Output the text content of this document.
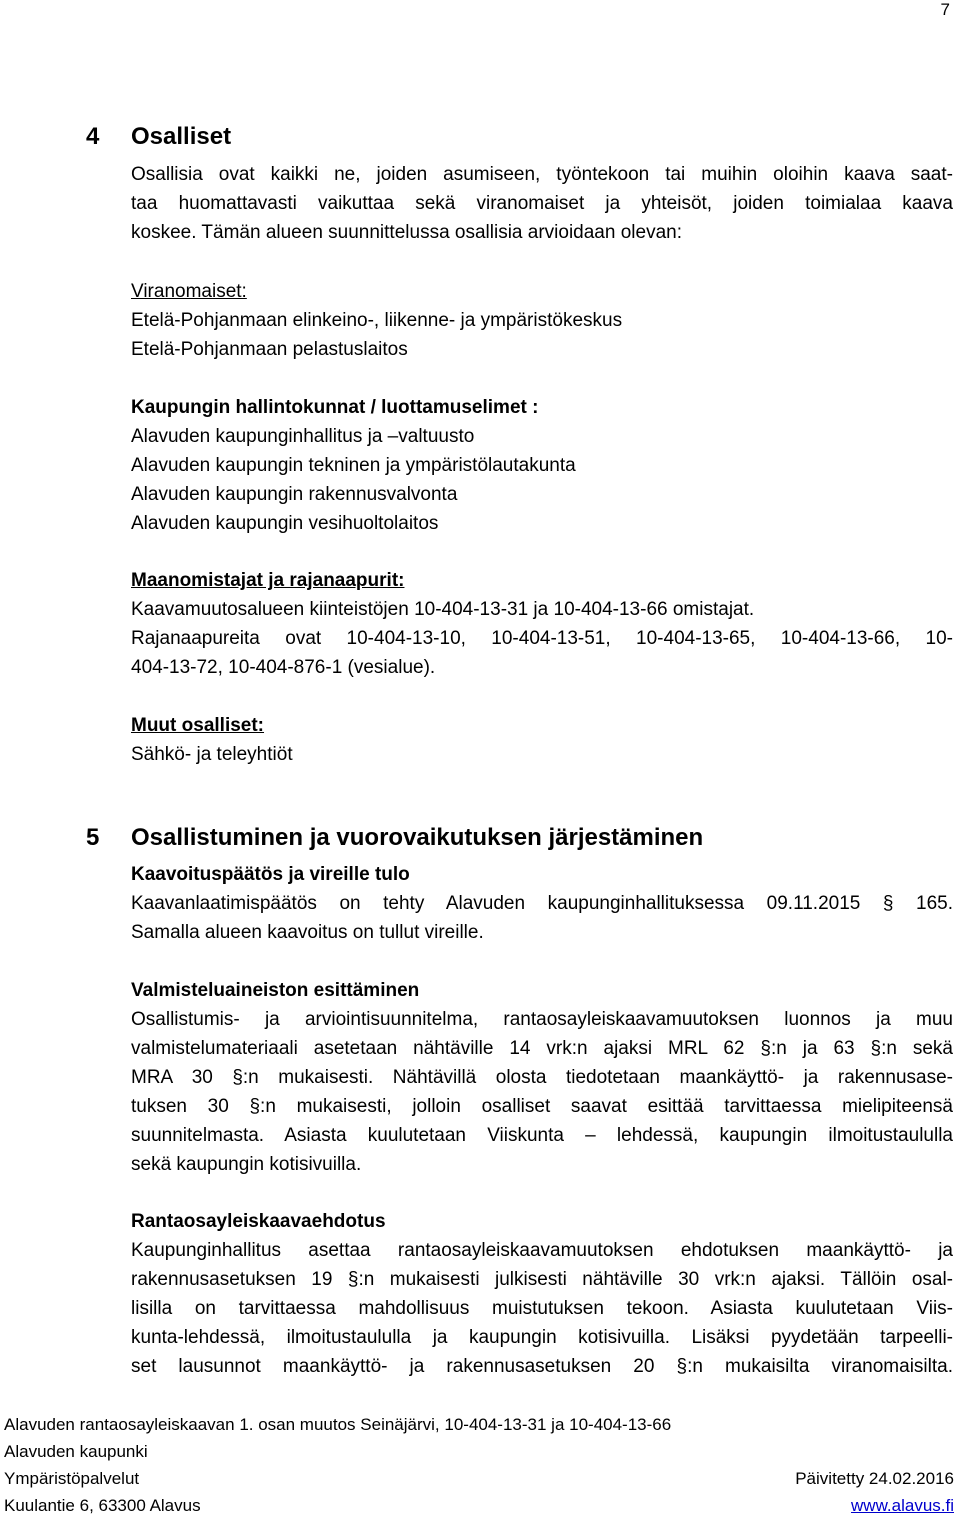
7
4 Osalliset

Osallisia ovat kaikki ne, joiden asumiseen, työntekoon tai muihin oloihin kaava saat-

taa huomattavasti vaikuttaa sekä viranomaiset ja yhteisöt, joiden toimialaa kaava

koskee. Tämän alueen suunnittelussa osallisia arvioidaan olevan:

Viranomaiset:

Etelä-Pohjanmaan elinkeino-, liikenne- ja ympäristökeskus

Etelä-Pohjanmaan pelastuslaitos

Kaupungin hallintokunnat / luottamuselimet :

Alavuden kaupunginhallitus ja –valtuusto

Alavuden kaupungin tekninen ja ympäristölautakunta

Alavuden kaupungin rakennusvalvonta

Alavuden kaupungin vesihuoltolaitos

Maanomistajat ja rajanaapurit:

Kaavamuutosalueen kiinteistöjen 10-404-13-31 ja 10-404-13-66 omistajat.

Rajanaapureita ovat 10-404-13-10, 10-404-13-51, 10-404-13-65, 10-404-13-66, 10-

404-13-72, 10-404-876-1 (vesialue).

Muut osalliset:

Sähkö- ja teleyhtiöt

5 Osallistuminen ja vuorovaikutuksen järjestäminen

Kaavoituspäätös ja vireille tulo

Kaavanlaatimispäätös on tehty Alavuden kaupunginhallituksessa 09.11.2015 § 165.

Samalla alueen kaavoitus on tullut vireille.

Valmisteluaineiston esittäminen

Osallistumis- ja arviointisuunnitelma, rantaosayleiskaavamuutoksen luonnos ja muu

valmistelumateriaali asetetaan nähtäville 14 vrk:n ajaksi MRL 62 §:n ja 63 §:n sekä

MRA 30 §:n mukaisesti. Nähtävillä olosta tiedotetaan maankäyttö- ja rakennusase-

tuksen 30 §:n mukaisesti, jolloin osalliset saavat esittää tarvittaessa mielipiteensä

suunnitelmasta. Asiasta kuulutetaan Viiskunta – lehdessä, kaupungin ilmoitustaululla

sekä kaupungin kotisivuilla.

Rantaosayleiskaavaehdotus

Kaupunginhallitus asettaa rantaosayleiskaavamuutoksen ehdotuksen maankäyttö- ja

rakennusasetuksen 19 §:n mukaisesti julkisesti nähtäville 30 vrk:n ajaksi. Tällöin osal-

lisilla on tarvittaessa mahdollisuus muistutuksen tekoon. Asiasta kuulutetaan Viis-

kunta-lehdessä, ilmoitustaululla ja kaupungin kotisivuilla. Lisäksi pyydetään tarpeelli-

set lausunnot maankäyttö- ja rakennusasetuksen 20 §:n mukaisilta viranomaisilta.

Alavuden rantaosayleiskaavan 1. osan muutos Seinäjärvi, 10-404-13-31 ja 10-404-13-66
Alavuden kaupunki
Ympäristöpalvelut	Päivitetty 24.02.2016
Kuulantie 6, 63300 Alavus	www.alavus.fi
